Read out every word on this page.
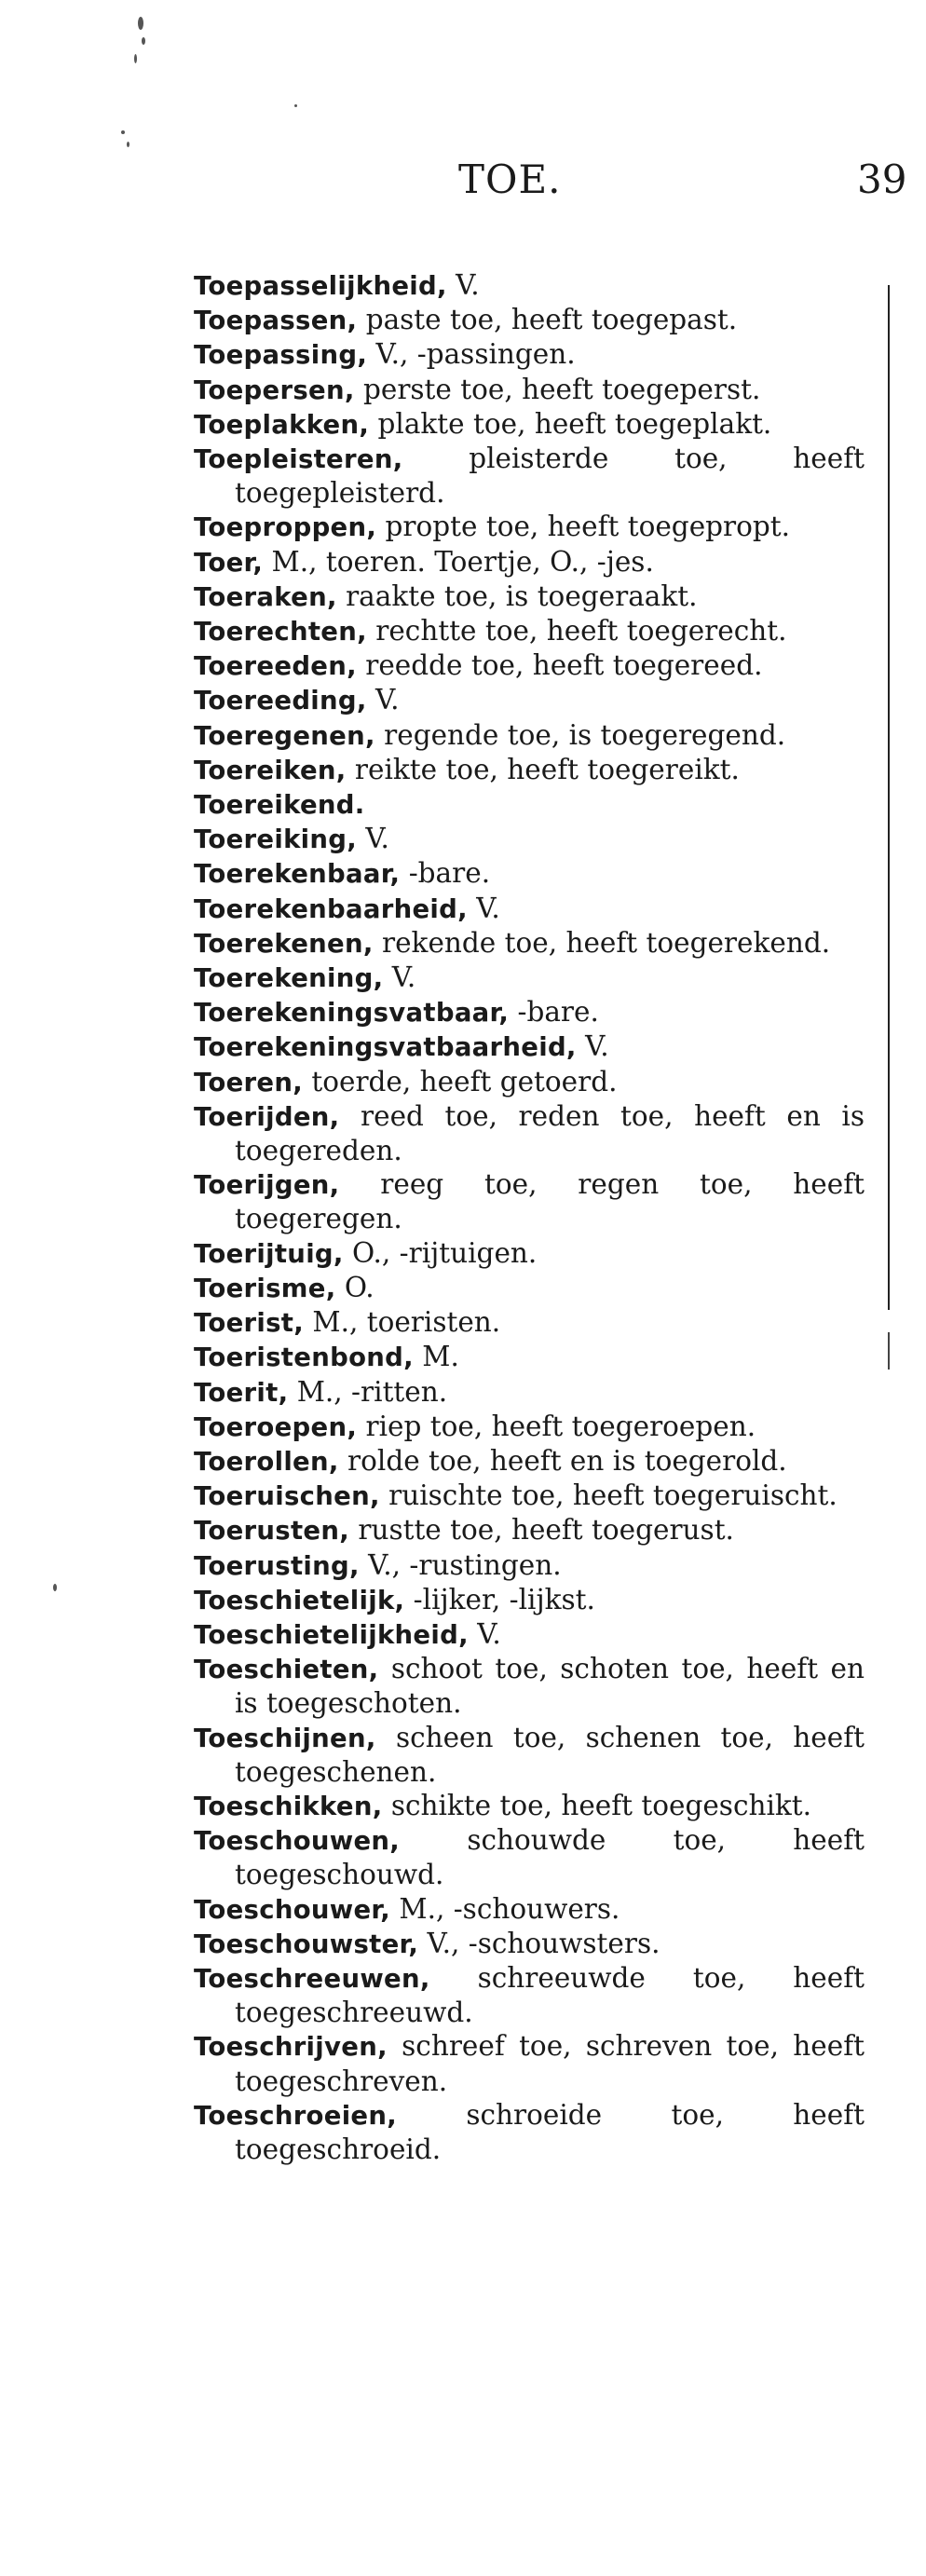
TOE.	39

Toepasselijkheid, V.

Toepassen, paste toe, heeft toegepast.

Toepassing, V., -passingen.

Toepersen, perste toe, heeft toegeperst.

Toeplakken, plakte toe, heeft toegeplakt.

Toepleisteren, pleisterde toe, heeft toegepleisterd.

Toeproppen, propte toe, heeft toegepropt.

Toer, M., toeren. Toertje, O., -jes.

Toeraken, raakte toe, is toegeraakt.

Toerechten, rechtte toe, heeft toegerecht.

Toereeden, reedde toe, heeft toegereed.

Toereeding, V.

Toeregenen, regende toe, is toegeregend.

Toereiken, reikte toe, heeft toegereikt.

Toereikend.

Toereiking, V.

Toerekenbaar, -bare.

Toerekenbaarheid, V.

Toerekenen, rekende toe, heeft toegerekend.

Toerekening, V.

Toerekeningsvatbaar, -bare.

Toerekeningsvatbaarheid, V.

Toeren, toerde, heeft getoerd.

Toerijden, reed toe, reden toe, heeft en is toegereden.

Toerijgen, reeg toe, regen toe, heeft toegeregen.

Toerijtuig, O., -rijtuigen.

Toerisme, O.

Toerist, M., toeristen.

Toeristenbond, M.

Toerit, M., -ritten.

Toeroepen, riep toe, heeft toegeroepen.

Toerollen, rolde toe, heeft en is toegerold.

Toeruischen, ruischte toe, heeft toegeruischt.

Toerusten, rustte toe, heeft toegerust.

Toerusting, V., -rustingen.

Toeschietelijk, -lijker, -lijkst.

Toeschietelijkheid, V.

Toeschieten, schoot toe, schoten toe, heeft en is toegeschoten.

Toeschijnen, scheen toe, schenen toe, heeft toegeschenen.

Toeschikken, schikte toe, heeft toegeschikt.

Toeschouwen, schouwde toe, heeft toegeschouwd.

Toeschouwer, M., -schouwers.

Toeschouwster, V., -schouwsters.

Toeschreeuwen, schreeuwde toe, heeft toegeschreeuwd.

Toeschrijven, schreef toe, schreven toe, heeft toegeschreven.

Toeschroeien, schroeide toe, heeft toegeschroeid.
